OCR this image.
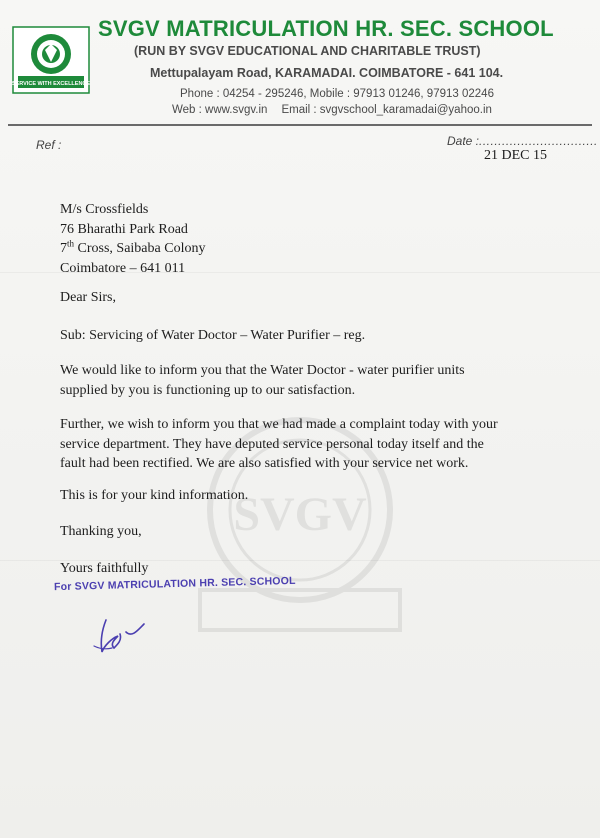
SVGV
SERVICE WITH EXCELLENCE
SVGV MATRICULATION HR. SEC. SCHOOL
(RUN BY SVGV EDUCATIONAL AND CHARITABLE TRUST)
Mettupalayam Road, KARAMADAI. COIMBATORE - 641 104.
Phone : 04254 - 295246, Mobile : 97913 01246, 97913 02246
Web : www.svgv.in Email : svgvschool_karamadai@yahoo.in
Ref :	Date :...............................
21 DEC 15
M/s Crossfields
76 Bharathi Park Road
7th Cross, Saibaba Colony
Coimbatore – 641 011
Dear Sirs,
Sub: Servicing of Water Doctor – Water Purifier – reg.
We would like to inform you that the Water Doctor - water purifier units
supplied by you is functioning up to our satisfaction.
Further, we wish to inform you that we had made a complaint today with your
service department. They have deputed service personal today itself and the
fault had been rectified. We are also satisfied with your service net work.
This is for your kind information.
Thanking you,
Yours faithfully
For SVGV MATRICULATION HR. SEC. SCHOOL
